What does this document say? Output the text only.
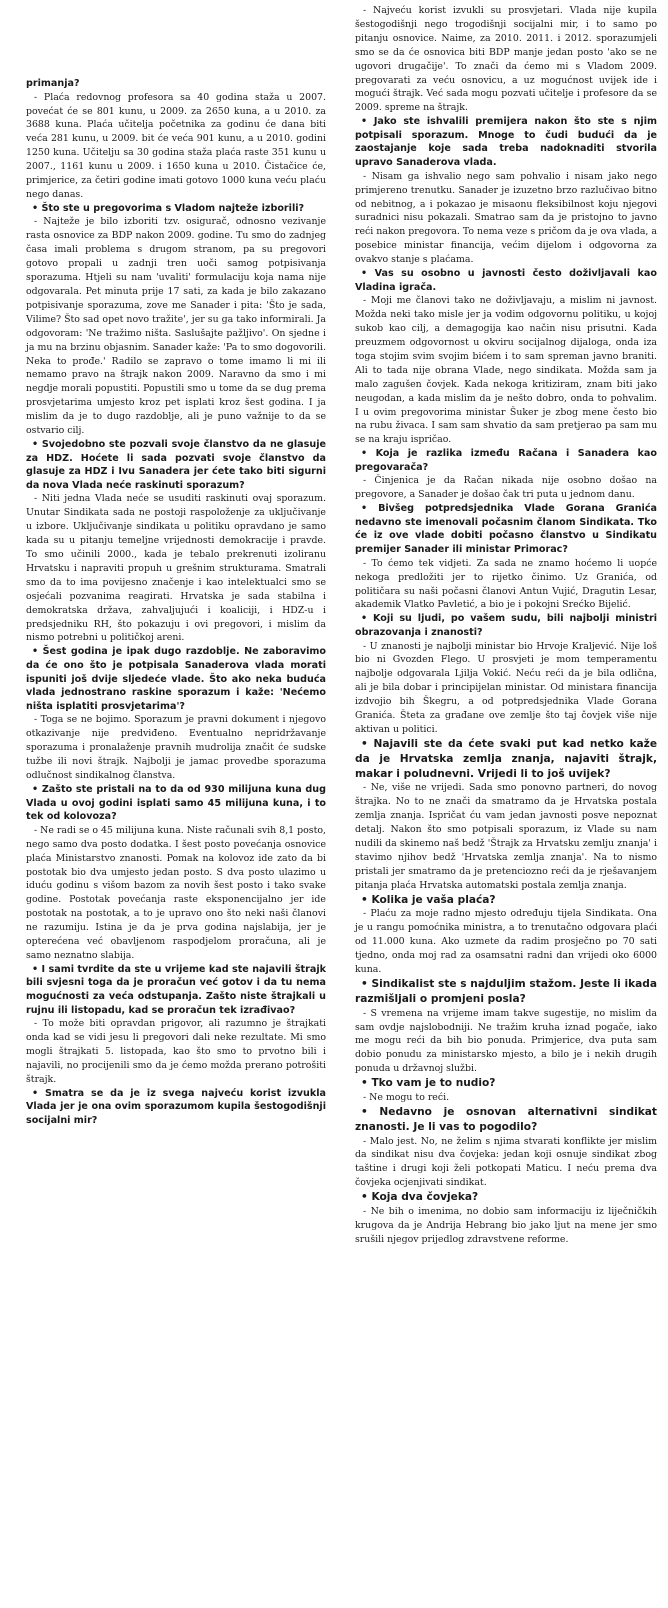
primanja?

- Plaća redovnog profesora sa 40 godina staža u 2007. povećat će se 801 kunu, u 2009. za 2650 kuna, a u 2010. za 3688 kuna. Plaća učitelja početnika za godinu će dana biti veća 281 kunu, u 2009. bit će veća 901 kunu, a u 2010. godini 1250 kuna. Učitelju sa 30 godina staža plaća raste 351 kunu u 2007., 1161 kunu u 2009. i 1650 kuna u 2010. Čistačice će, primjerice, za četiri godine imati gotovo 1000 kuna veću plaću nego danas.

• Što ste u pregovorima s Vladom najteže izborili?

- Najteže je bilo izboriti tzv. osigurač, odnosno vezivanje rasta osnovice za BDP nakon 2009. godine. Tu smo do zadnjeg časa imali problema s drugom stranom, pa su pregovori gotovo propali u zadnji tren uoči samog potpisivanja sporazuma. Htjeli su nam 'uvaliti' formulaciju koja nama nije odgovarala. Pet minuta prije 17 sati, za kada je bilo zakazano potpisivanje sporazuma, zove me Sanader i pita: 'Što je sada, Vilime? Što sad opet novo tražite', jer su ga tako informirali. Ja odgovoram: 'Ne tražimo ništa. Saslušajte pažljivo'. On sjedne i ja mu na brzinu objasnim. Sanader kaže: 'Pa to smo dogovorili. Neka to prođe.' Radilo se zapravo o tome imamo li mi ili nemamo pravo na štrajk nakon 2009. Naravno da smo i mi negdje morali popustiti. Popustili smo u tome da se dug prema prosvjetarima umjesto kroz pet isplati kroz šest godina. I ja mislim da je to dugo razdoblje, ali je puno važnije to da se ostvario cilj.

• Svojedobno ste pozvali svoje članstvo da ne glasuje za HDZ. Hoćete li sada pozvati svoje članstvo da glasuje za HDZ i Ivu Sanadera jer ćete tako biti sigurni da nova Vlada neće raskinuti sporazum?

- Niti jedna Vlada neće se usuditi raskinuti ovaj sporazum. Unutar Sindikata sada ne postoji raspoloženje za uključivanje u izbore. Uključivanje sindikata u politiku opravdano je samo kada su u pitanju temeljne vrijednosti demokracije i pravde. To smo učinili 2000., kada je tebalo prekrenuti izoliranu Hrvatsku i napraviti propuh u grešnim strukturama. Smatrali smo da to ima povijesno značenje i kao intelektualci smo se osjećali pozvanima reagirati. Hrvatska je sada stabilna i demokratska država, zahvaljujući i koaliciji, i HDZ-u i predsjedniku RH, što pokazuju i ovi pregovori, i mislim da nismo potrebni u političkoj areni.

• Šest godina je ipak dugo razdoblje. Ne zaboravimo da će ono što je potpisala Sanaderova vlada morati ispuniti još dvije sljedeće vlade. Što ako neka buduća vlada jednostrano raskine sporazum i kaže: 'Nećemo ništa isplatiti prosvjetarima'?

- Toga se ne bojimo. Sporazum je pravni dokument i njegovo otkazivanje nije predviđeno. Eventualno nepridržavanje sporazuma i pronalaženje pravnih mudrolija značit će sudske tužbe ili novi štrajk. Najbolji je jamac provedbe sporazuma odlučnost sindikalnog članstva.

• Zašto ste pristali na to da od 930 milijuna kuna dug Vlada u ovoj godini isplati samo 45 milijuna kuna, i to tek od kolovoza?

- Ne radi se o 45 milijuna kuna. Niste računali svih 8,1 posto, nego samo dva posto dodatka. I šest posto povećanja osnovice plaća Ministarstvo znanosti. Pomak na kolovoz ide zato da bi postotak bio dva umjesto jedan posto. S dva posto ulazimo u iduću godinu s višom bazom za novih šest posto i tako svake godine. Postotak povećanja raste eksponencijalno jer ide postotak na postotak, a to je upravo ono što neki naši članovi ne razumiju. Istina je da je prva godina najslabija, jer je opterećena već obavljenom raspodjelom proračuna, ali je samo neznatno slabija.

• I sami tvrdite da ste u vrijeme kad ste najavili štrajk bili svjesni toga da je proračun već gotov i da tu nema mogućnosti za veća odstupanja. Zašto niste štrajkali u rujnu ili listopadu, kad se proračun tek izrađivao?

- To može biti opravdan prigovor, ali razumno je štrajkati onda kad se vidi jesu li pregovori dali neke rezultate. Mi smo mogli štrajkati 5. listopada, kao što smo to prvotno bili i najavili, no procijenili smo da je ćemo možda prerano potrošiti štrajk.

• Smatra se da je iz svega najveću korist izvukla Vlada jer je ona ovim sporazumom kupila šestogodišnji socijalni mir?

- Najveću korist izvukli su prosvjetari. Vlada nije kupila šestogodišnji nego trogodišnji socijalni mir, i to samo po pitanju osnovice. Naime, za 2010. 2011. i 2012. sporazumjeli smo se da će osnovica biti BDP manje jedan posto 'ako se ne ugovori drugačije'. To znači da ćemo mi s Vladom 2009. pregovarati za veću osnovicu, a uz mogućnost uvijek ide i mogući štrajk. Već sada mogu pozvati učitelje i profesore da se 2009. spreme na štrajk.

• Jako ste ishvalili premijera nakon što ste s njim potpisali sporazum. Mnoge to čudi budući da je zaostajanje koje sada treba nadoknaditi stvorila upravo Sanaderova vlada.

- Nisam ga ishvalio nego sam pohvalio i nisam jako nego primjereno trenutku. Sanader je izuzetno brzo razlučivao bitno od nebitnog, a i pokazao je misaonu fleksibilnost koju njegovi suradnici nisu pokazali. Smatrao sam da je pristojno to javno reći nakon pregovora. To nema veze s pričom da je ova vlada, a posebice ministar financija, većim dijelom i odgovorna za ovakvo stanje s plaćama.

• Vas su osobno u javnosti često doživljavali kao Vladina igrača.

- Moji me članovi tako ne doživljavaju, a mislim ni javnost. Možda neki tako misle jer ja vodim odgovornu politiku, u kojoj sukob kao cilj, a demagogija kao način nisu prisutni. Kada preuzmem odgovornost u okviru socijalnog dijaloga, onda iza toga stojim svim svojim bićem i to sam spreman javno braniti. Ali to tada nije obrana Vlade, nego sindikata. Možda sam ja malo zagušen čovjek. Kada nekoga kritiziram, znam biti jako neugodan, a kada mislim da je nešto dobro, onda to pohvalim. I u ovim pregovorima ministar Šuker je zbog mene često bio na rubu živaca. I sam sam shvatio da sam pretjerao pa sam mu se na kraju ispričao.

• Koja je razlika između Račana i Sanadera kao pregovarača?

- Činjenica je da Račan nikada nije osobno došao na pregovore, a Sanader je došao čak tri puta u jednom danu.

• Bivšeg potpredsjednika Vlade Gorana Granića nedavno ste imenovali počasnim članom Sindikata. Tko će iz ove vlade dobiti počasno članstvo u Sindikatu premijer Sanader ili ministar Primorac?

- To ćemo tek vidjeti. Za sada ne znamo hoćemo li uopće nekoga predložiti jer to rijetko činimo. Uz Granića, od političara su naši počasni članovi Antun Vujić, Dragutin Lesar, akademik Vlatko Pavletić, a bio je i pokojni Srećko Bijelić.

• Koji su ljudi, po vašem sudu, bili najbolji ministri obrazovanja i znanosti?

- U znanosti je najbolji ministar bio Hrvoje Kraljević. Nije loš bio ni Gvozden Flego. U prosvjeti je mom temperamentu najbolje odgovarala Ljilja Vokić. Neću reći da je bila odlična, ali je bila dobar i principijelan ministar. Od ministara financija izdvojio bih Škegru, a od potpredsjednika Vlade Gorana Granića. Šteta za građane ove zemlje što taj čovjek više nije aktivan u politici.

• Najavili ste da ćete svaki put kad netko kaže da je Hrvatska zemlja znanja, najaviti štrajk, makar i poludnevni. Vrijedi li to još uvijek?

- Ne, više ne vrijedi. Sada smo ponovno partneri, do novog štrajka. No to ne znači da smatramo da je Hrvatska postala zemlja znanja. Ispričat ću vam jedan javnosti posve nepoznat detalj. Nakon što smo potpisali sporazum, iz Vlade su nam nudili da skinemo naš bedž 'Štrajk za Hrvatsku zemlju znanja' i stavimo njihov bedž 'Hrvatska zemlja znanja'. Na to nismo pristali jer smatramo da je pretenciozno reći da je rješavanjem pitanja plaća Hrvatska automatski postala zemlja znanja.

• Kolika je vaša plaća?

- Plaću za moje radno mjesto određuju tijela Sindikata. Ona je u rangu pomoćnika ministra, a to trenutačno odgovara plaći od 11.000 kuna. Ako uzmete da radim prosječno po 70 sati tjedno, onda moj rad za osamsatni radni dan vrijedi oko 6000 kuna.

• Sindikalist ste s najduljim stažom. Jeste li ikada razmišljali o promjeni posla?

- S vremena na vrijeme imam takve sugestije, no mislim da sam ovdje najslobodniji. Ne tražim kruha iznad pogače, iako me mogu reći da bih bio ponuda. Primjerice, dva puta sam dobio ponudu za ministarsko mjesto, a bilo je i nekih drugih ponuda u državnoj službi.

• Tko vam je to nudio?

- Ne mogu to reći.

• Nedavno je osnovan alternativni sindikat znanosti. Je li vas to pogodilo?

- Malo jest. No, ne želim s njima stvarati konflikte jer mislim da sindikat nisu dva čovjeka: jedan koji osnuje sindikat zbog taštine i drugi koji želi potkopati Maticu. I neću prema dva čovjeka ocjenjivati sindikat.

• Koja dva čovjeka?

- Ne bih o imenima, no dobio sam informaciju iz liječničkih krugova da je Andrija Hebrang bio jako ljut na mene jer smo srušili njegov prijedlog zdravstvene reforme.
